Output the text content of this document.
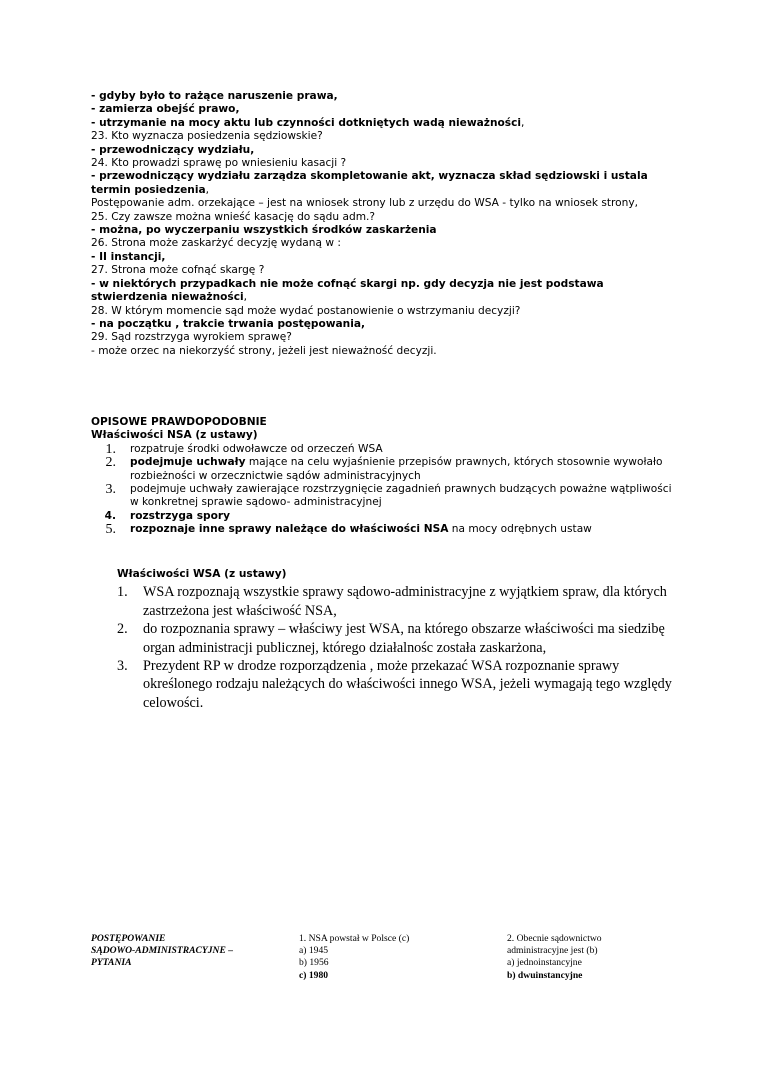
- gdyby było to rażące naruszenie prawa,
- zamierza obejść prawo,
- utrzymanie na mocy aktu lub czynności dotkniętych wadą nieważności,
23. Kto wyznacza posiedzenia sędziowskie?
- przewodniczący wydziału,
24. Kto prowadzi sprawę po wniesieniu kasacji ?
- przewodniczący wydziału zarządza skompletowanie akt, wyznacza skład sędziowski i ustala termin posiedzenia,
Postępowanie adm. orzekające – jest na wniosek strony lub z urzędu do WSA - tylko na wniosek strony,
25. Czy zawsze można wnieść kasację do sądu adm.?
- można, po wyczerpaniu wszystkich środków zaskarżenia
26. Strona może zaskarżyć decyzję wydaną w :
- II instancji,
27. Strona może cofnąć skargę ?
- w niektórych przypadkach nie może cofnąć skargi np. gdy decyzja nie jest podstawa stwierdzenia nieważności,
28. W którym momencie sąd może wydać postanowienie o wstrzymaniu decyzji?
- na początku , trakcie trwania postępowania,
29. Sąd rozstrzyga wyrokiem sprawę?
- może orzec na niekorzyść strony, jeżeli jest nieważność decyzji.
OPISOWE PRAWDOPODOBNIE
Właściwości NSA (z ustawy)
1.	rozpatruje środki odwoławcze od orzeczeń WSA
2.	podejmuje uchwały mające na celu wyjaśnienie przepisów prawnych, których stosownie wywołało rozbieżności w orzecznictwie sądów administracyjnych
3.	podejmuje uchwały zawierające rozstrzygnięcie zagadnień prawnych budzących poważne wątpliwości w konkretnej sprawie sądowo- administracyjnej
4.	rozstrzyga spory
5.	rozpoznaje inne sprawy należące do właściwości NSA na mocy odrębnych ustaw
Właściwości WSA (z ustawy)
1.	WSA rozpoznają wszystkie sprawy sądowo-administracyjne z wyjątkiem spraw, dla których zastrzeżona jest właściwość NSA,
2.	do rozpoznania sprawy – właściwy jest WSA, na którego obszarze właściwości ma siedzibę organ administracji publicznej, którego działalnośc została zaskarżona,
3.	Prezydent RP w drodze rozporządzenia , może przekazać WSA rozpoznanie sprawy określonego rodzaju należących do właściwości innego WSA, jeżeli wymagają tego względy celowości.
POSTĘPOWANIE
SĄDOWO-ADMINISTRACYJNE –
PYTANIA
1. NSA powstał w Polsce (c)
a) 1945
b) 1956
c) 1980
2. Obecnie sądownictwo
administracyjne jest (b)
a) jednoinstancyjne
b) dwuinstancyjne
